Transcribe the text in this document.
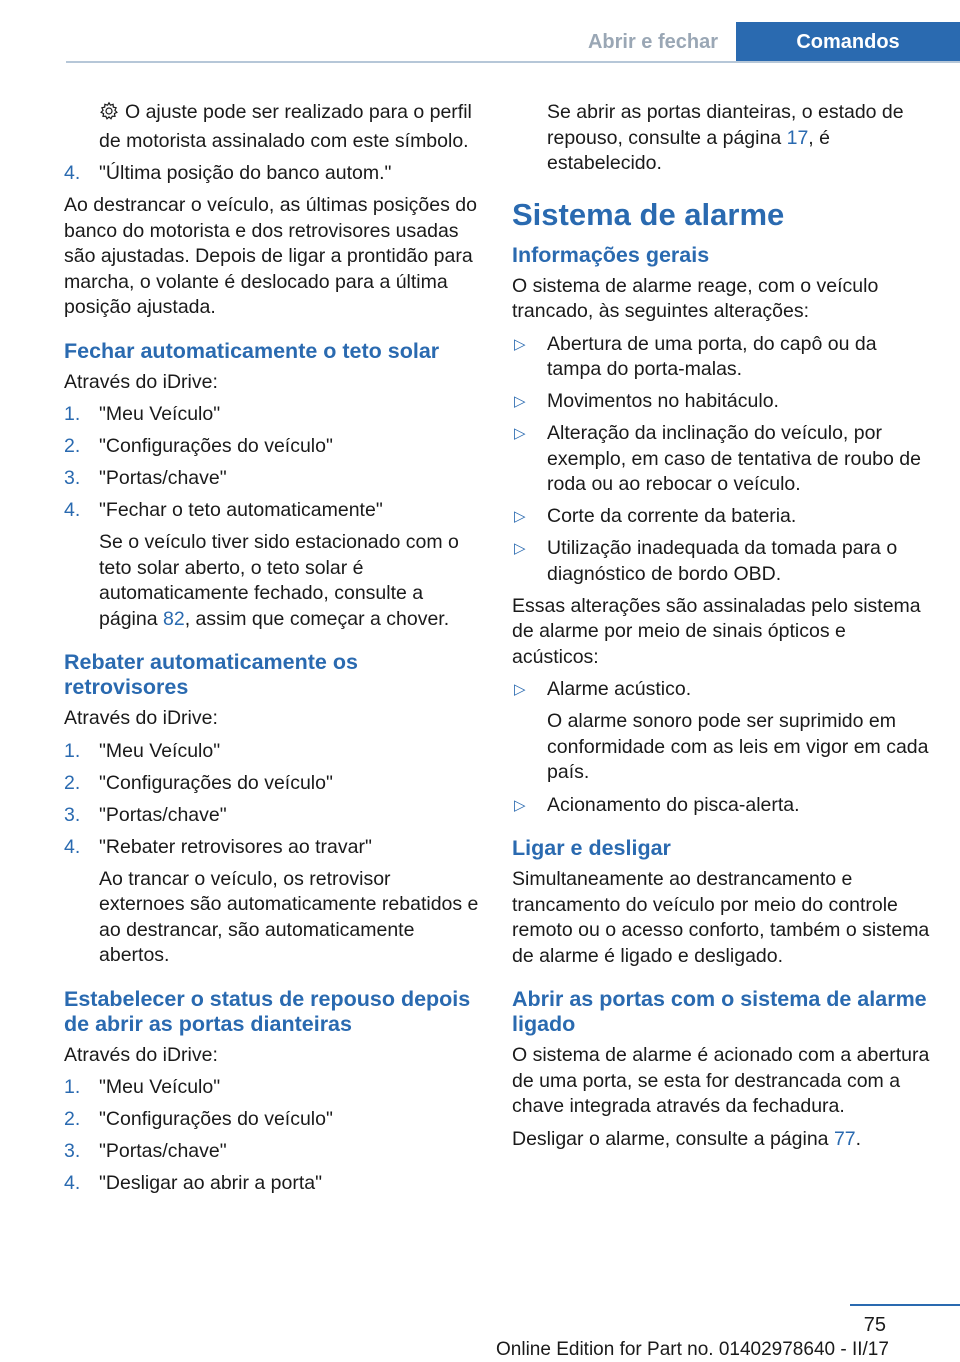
Abrir e fechar	Comandos

O ajuste pode ser realizado para o perfil de motorista assinalado com este símbolo.

4. "Última posição do banco autom."

Ao destrancar o veículo, as últimas posições do banco do motorista e dos retrovisores usadas são ajustadas. Depois de ligar a prontidão para marcha, o volante é deslocado para a última posição ajustada.

Fechar automaticamente o teto solar

Através do iDrive:

1. "Meu Veículo"
2. "Configurações do veículo"
3. "Portas/chave"
4. "Fechar o teto automaticamente"

Se o veículo tiver sido estacionado com o teto solar aberto, o teto solar é automaticamente fechado, consulte a página 82, assim que começar a chover.

Rebater automaticamente os retrovisores

Através do iDrive:

1. "Meu Veículo"
2. "Configurações do veículo"
3. "Portas/chave"
4. "Rebater retrovisores ao travar"

Ao trancar o veículo, os retrovisor externoes são automaticamente rebatidos e ao destrancar, são automaticamente abertos.

Estabelecer o status de repouso depois de abrir as portas dianteiras

Através do iDrive:

1. "Meu Veículo"
2. "Configurações do veículo"
3. "Portas/chave"
4. "Desligar ao abrir a porta"

Se abrir as portas dianteiras, o estado de repouso, consulte a página 17, é estabelecido.

Sistema de alarme
Informações gerais

O sistema de alarme reage, com o veículo trancado, às seguintes alterações:

▷ Abertura de uma porta, do capô ou da tampa do porta-malas.
▷ Movimentos no habitáculo.
▷ Alteração da inclinação do veículo, por exemplo, em caso de tentativa de roubo de roda ou ao rebocar o veículo.
▷ Corte da corrente da bateria.
▷ Utilização inadequada da tomada para o diagnóstico de bordo OBD.

Essas alterações são assinaladas pelo sistema de alarme por meio de sinais ópticos e acústicos:

▷ Alarme acústico.

O alarme sonoro pode ser suprimido em conformidade com as leis em vigor em cada país.

▷ Acionamento do pisca-alerta.
Ligar e desligar

Simultaneamente ao destrancamento e trancamento do veículo por meio do controle remoto ou o acesso conforto, também o sistema de alarme é ligado e desligado.

Abrir as portas com o sistema de alarme ligado

O sistema de alarme é acionado com a abertura de uma porta, se esta for destrancada com a chave integrada através da fechadura.

Desligar o alarme, consulte a página 77.

75
Online Edition for Part no. 01402978640 - II/17
